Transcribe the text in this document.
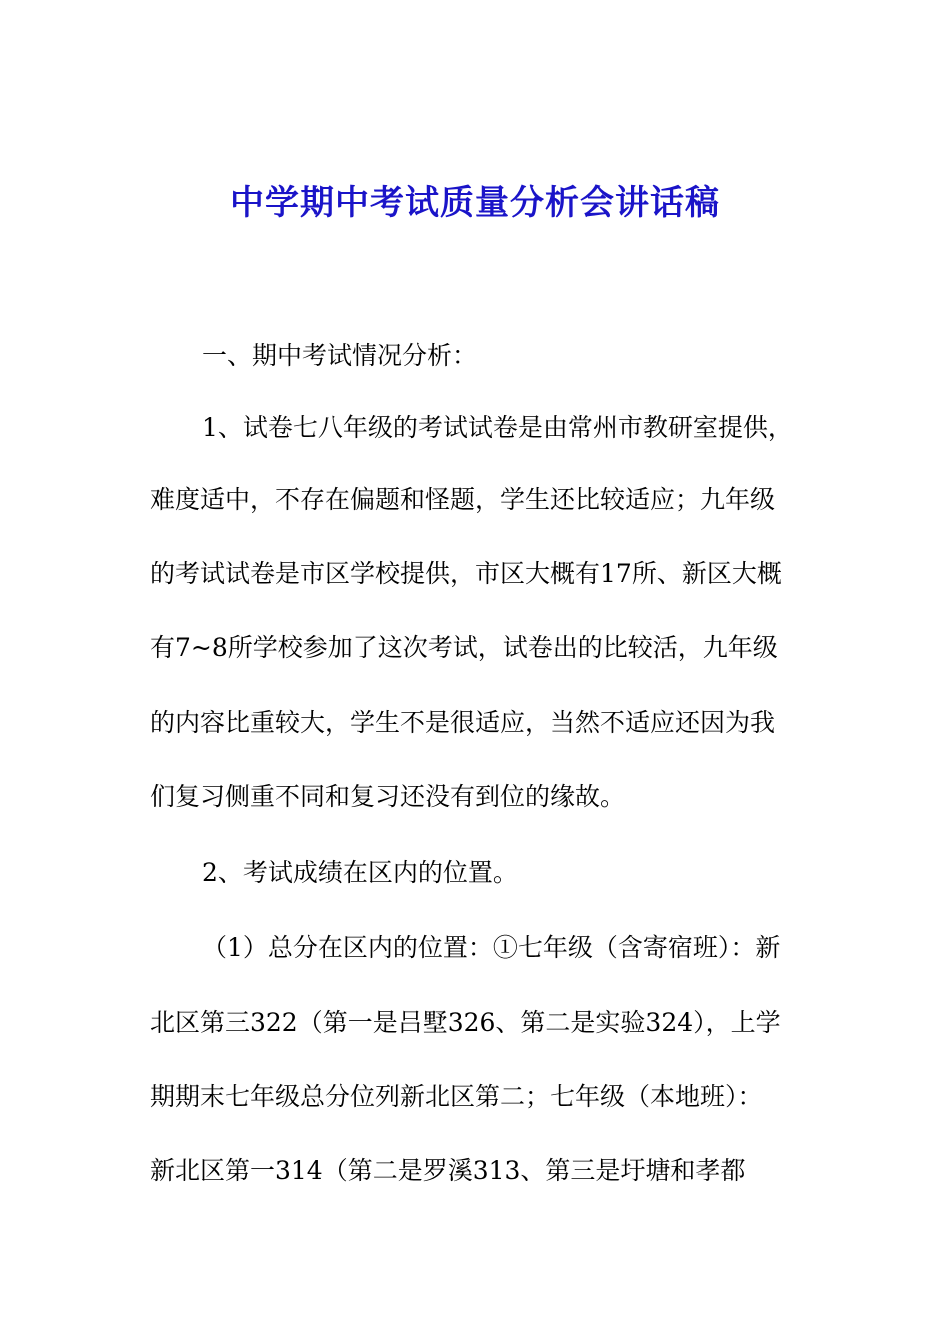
中学期中考试质量分析会讲话稿

一、期中考试情况分析：

1、试卷七八年级的考试试卷是由常州市教研室提供，

难度适中，不存在偏题和怪题，学生还比较适应；九年级

的考试试卷是市区学校提供，市区大概有17所、新区大概

有7~8所学校参加了这次考试，试卷出的比较活，九年级

的内容比重较大，学生不是很适应，当然不适应还因为我

们复习侧重不同和复习还没有到位的缘故。

2、考试成绩在区内的位置。

（1）总分在区内的位置：①七年级（含寄宿班）：新

北区第三322（第一是吕墅326、第二是实验324），上学

期期末七年级总分位列新北区第二；七年级（本地班）：

新北区第一314（第二是罗溪313、第三是圩塘和孝都
